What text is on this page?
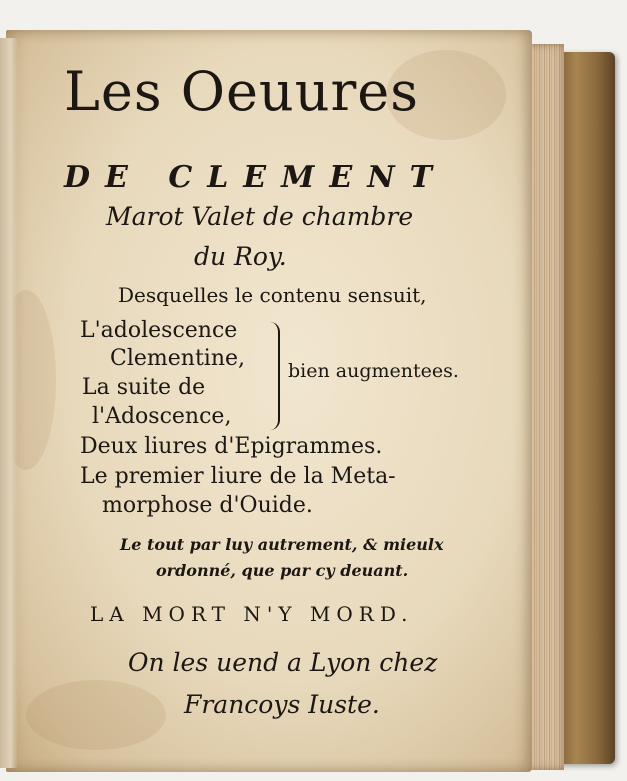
Les Oeuures
DE CLEMENT
Marot Valet de chambre
du Roy.
Desquelles le contenu sensuit,
L'adolescence
Clementine,
La suite de
l'Adoscence,
bien augmentees.
Deux liures d'Epigrammes.
Le premier liure de la Meta-
morphose d'Ouide.
Le tout par luy autrement, & mieulx
ordonné, que par cy deuant.
LA MORT N'Y MORD.
On les uend a Lyon chez
Francoys Iuste.
